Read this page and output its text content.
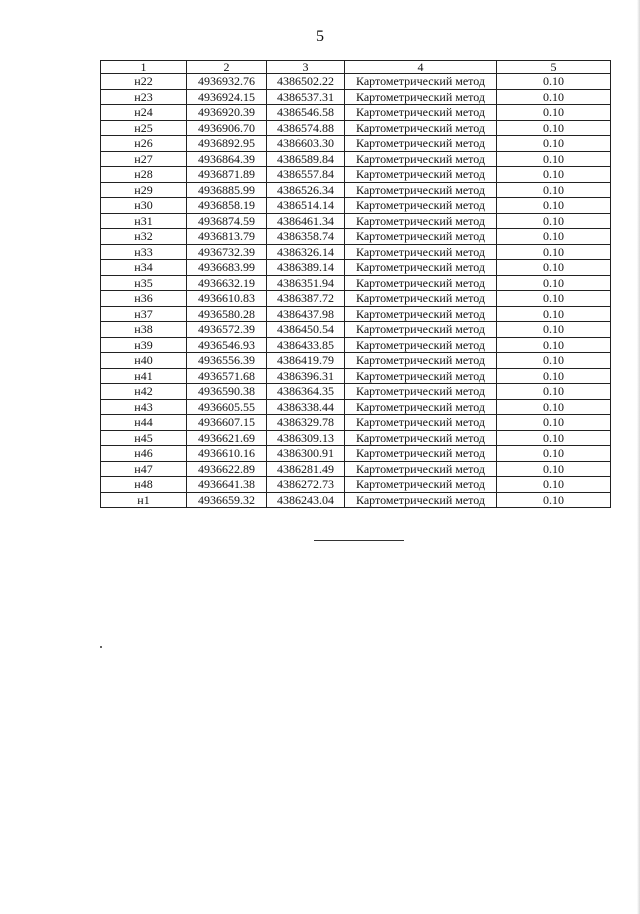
5
1	2	3	4	5
н22	4936932.76	4386502.22	Картометрический метод	0.10
н23	4936924.15	4386537.31	Картометрический метод	0.10
н24	4936920.39	4386546.58	Картометрический метод	0.10
н25	4936906.70	4386574.88	Картометрический метод	0.10
н26	4936892.95	4386603.30	Картометрический метод	0.10
н27	4936864.39	4386589.84	Картометрический метод	0.10
н28	4936871.89	4386557.84	Картометрический метод	0.10
н29	4936885.99	4386526.34	Картометрический метод	0.10
н30	4936858.19	4386514.14	Картометрический метод	0.10
н31	4936874.59	4386461.34	Картометрический метод	0.10
н32	4936813.79	4386358.74	Картометрический метод	0.10
н33	4936732.39	4386326.14	Картометрический метод	0.10
н34	4936683.99	4386389.14	Картометрический метод	0.10
н35	4936632.19	4386351.94	Картометрический метод	0.10
н36	4936610.83	4386387.72	Картометрический метод	0.10
н37	4936580.28	4386437.98	Картометрический метод	0.10
н38	4936572.39	4386450.54	Картометрический метод	0.10
н39	4936546.93	4386433.85	Картометрический метод	0.10
н40	4936556.39	4386419.79	Картометрический метод	0.10
н41	4936571.68	4386396.31	Картометрический метод	0.10
н42	4936590.38	4386364.35	Картометрический метод	0.10
н43	4936605.55	4386338.44	Картометрический метод	0.10
н44	4936607.15	4386329.78	Картометрический метод	0.10
н45	4936621.69	4386309.13	Картометрический метод	0.10
н46	4936610.16	4386300.91	Картометрический метод	0.10
н47	4936622.89	4386281.49	Картометрический метод	0.10
н48	4936641.38	4386272.73	Картометрический метод	0.10
н1	4936659.32	4386243.04	Картометрический метод	0.10
